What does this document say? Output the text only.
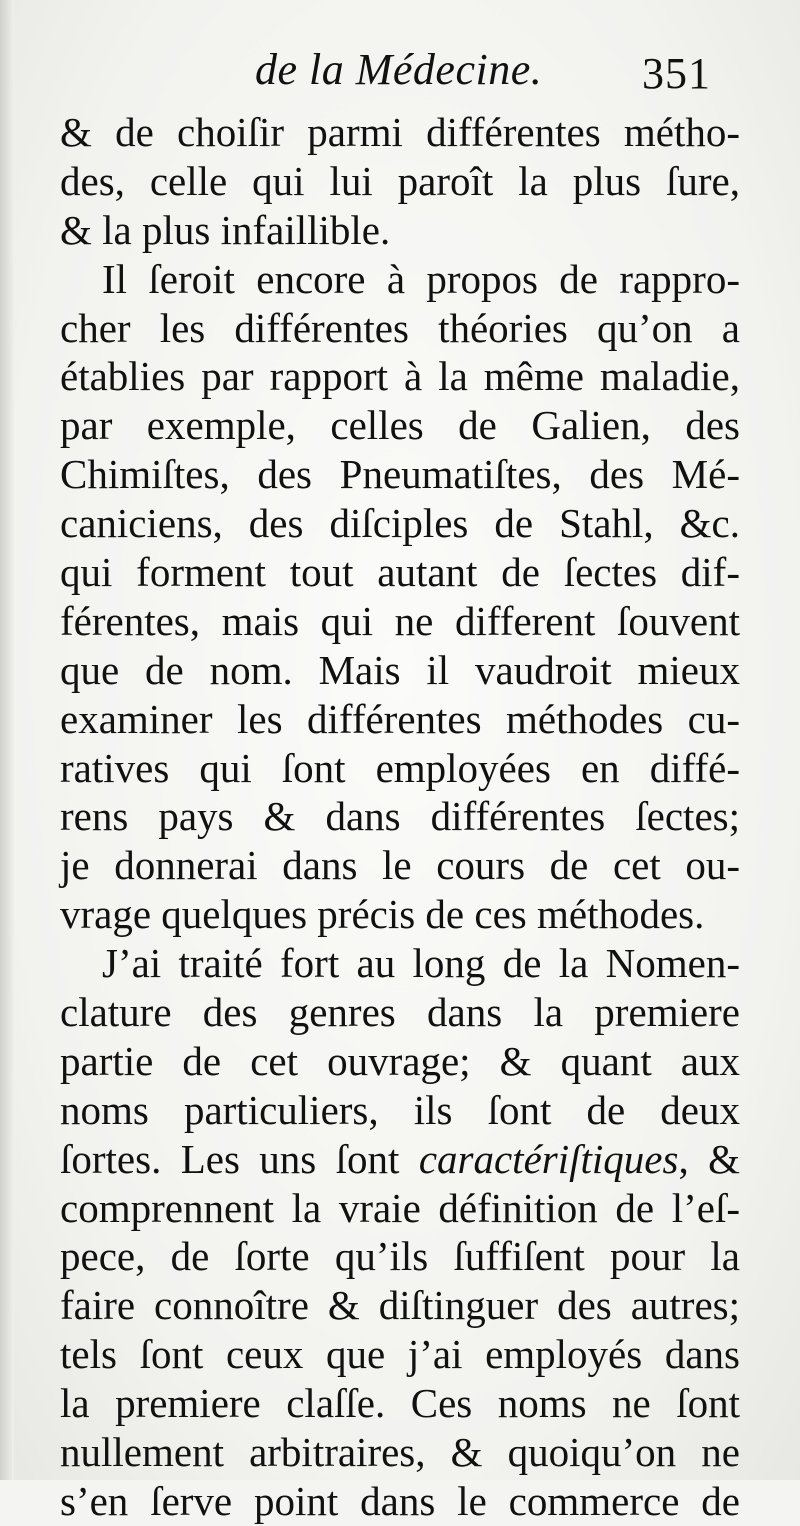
de la Médecine. 351
& de choiſir parmi différentes métho-
des, celle qui lui paroît la plus ſure,
& la plus infaillible.
Il ſeroit encore à propos de rappro-
cher les différentes théories qu’on a
établies par rapport à la même maladie,
par exemple, celles de Galien, des
Chimiſtes, des Pneumatiſtes, des Mé-
caniciens, des diſciples de Stahl, &c.
qui forment tout autant de ſectes dif-
férentes, mais qui ne different ſouvent
que de nom. Mais il vaudroit mieux
examiner les différentes méthodes cu-
ratives qui ſont employées en diffé-
rens pays & dans différentes ſectes;
je donnerai dans le cours de cet ou-
vrage quelques précis de ces méthodes.
J’ai traité fort au long de la Nomen-
clature des genres dans la premiere
partie de cet ouvrage; & quant aux
noms particuliers, ils ſont de deux
ſortes. Les uns ſont caractériſtiques, &
comprennent la vraie définition de l’eſ-
pece, de ſorte qu’ils ſuffiſent pour la
faire connoître & diſtinguer des autres;
tels ſont ceux que j’ai employés dans
la premiere claſſe. Ces noms ne ſont
nullement arbitraires, & quoiqu’on ne
s’en ſerve point dans le commerce de
